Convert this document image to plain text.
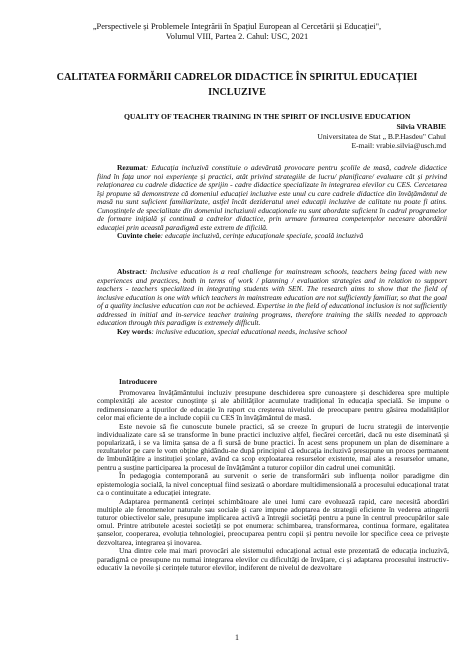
„Perspectivele și Problemele Integrării în Spațiul European al Cercetării și Educației",
Volumul VIII, Partea 2. Cahul: USC, 2021
CALITATEA FORMĂRII CADRELOR DIDACTICE ÎN SPIRITUL EDUCAȚIEI
INCLUZIVE
QUALITY OF TEACHER TRAINING IN THE SPIRIT OF INCLUSIVE EDUCATION
Silvia VRABIE
Universitatea de Stat „ B.P.Hasdeu" Cahul
E-mail: vrabie.silvia@usch.md
Rezumat: Educația incluzivă constituie o adevărată provocare pentru școlile de masă, cadrele didactice fiind în fața unor noi experiențe și practici, atât privind strategiile de lucru/ planificare/ evaluare cât și privind relaționarea cu cadrele didactice de sprijin - cadre didactice specializate în integrarea elevilor cu CES. Cercetarea își propune să demonstreze că domeniul educației incluzive este unul cu care cadrele didactice din învățământul de masă nu sunt suficient familiarizate, astfel încât dezideratul unei educații incluzive de calitate nu poate fi atins. Cunoștințele de specialitate din domeniul incluziunii educaționale nu sunt abordate suficient în cadrul programelor de formare inițială și continuă a cadrelor didactice, prin urmare formarea competențelor necesare abordării educației prin această paradigmă este extrem de dificilă.
Cuvinte cheie: educație incluzivă, cerințe educaționale speciale, școală incluzivă
Abstract: Inclusive education is a real challenge for mainstream schools, teachers being faced with new experiences and practices, both in terms of work / planning / evaluation strategies and in relation to support teachers - teachers specialized in integrating students with SEN. The research aims to show that the field of inclusive education is one with which teachers in mainstream education are not sufficiently familiar, so that the goal of a quality inclusive education can not be achieved. Expertise in the field of educational inclusion is not sufficiently addressed in initial and in-service teacher training programs, therefore training the skills needed to approach education through this paradigm is extremely difficult.
Key words: inclusive education, special educational needs, inclusive school
Introducere

Promovarea învățământului incluziv presupune deschiderea spre cunoaștere și deschiderea spre multiple complexități ale acestor cunoștințe și ale abilităților acumulate tradițional în educația specială. Se impune o redimensionare a tipurilor de educație în raport cu creșterea nivelului de preocupare pentru găsirea modalităților celor mai eficiente de a include copiii cu CES în învățământul de masă.

Este nevoie să fie cunoscute bunele practici, să se creeze în grupuri de lucru strategii de intervenție individualizate care să se transforme în bune practici incluzive altfel, fiecărei cercetări, dacă nu este diseminată și popularizată, i se va limita șansa de a fi sursă de bune practici. În acest sens propunem un plan de diseminare a rezultatelor pe care le vom obține ghidându-ne după principiul că educația incluzivă presupune un proces permanent de îmbunătățire a instituției școlare, având ca scop exploatarea resurselor existente, mai ales a resurselor umane, pentru a susține participarea la procesul de învățământ a tuturor copiilor din cadrul unei comunități.

În pedagogia contemporană au survenit o serie de transformări sub influența noilor paradigme din epistemologia socială, la nivel conceptual fiind sesizată o abordare multidimensională a procesului educațional tratat ca o continuitate a educației integrate.

Adaptarea permanentă cerinței schimbătoare ale unei lumi care evoluează rapid, care necesită abordări multiple ale fenomenelor naturale sau sociale și care impune adoptarea de strategii eficiente în vederea atingerii tuturor obiectivelor sale, presupune implicarea activă a întregii societăți pentru a pune în centrul preocupărilor sale omul. Printre atributele acestei societăți se pot enumera: schimbarea, transformarea, continua formare, egalitatea șanselor, cooperarea, evoluția tehnologiei, preocuparea pentru copii și pentru nevoile lor specifice ceea ce privește dezvoltarea, integrarea și inovarea.

Una dintre cele mai mari provocări ale sistemului educațional actual este prezentată de educația incluzivă, paradigmă ce presupune nu numai integrarea elevilor cu dificultăți de învățare, ci și adaptarea procesului instructiv-educativ la nevoile și cerințele tuturor elevilor, indiferent de nivelul de dezvoltare

1
